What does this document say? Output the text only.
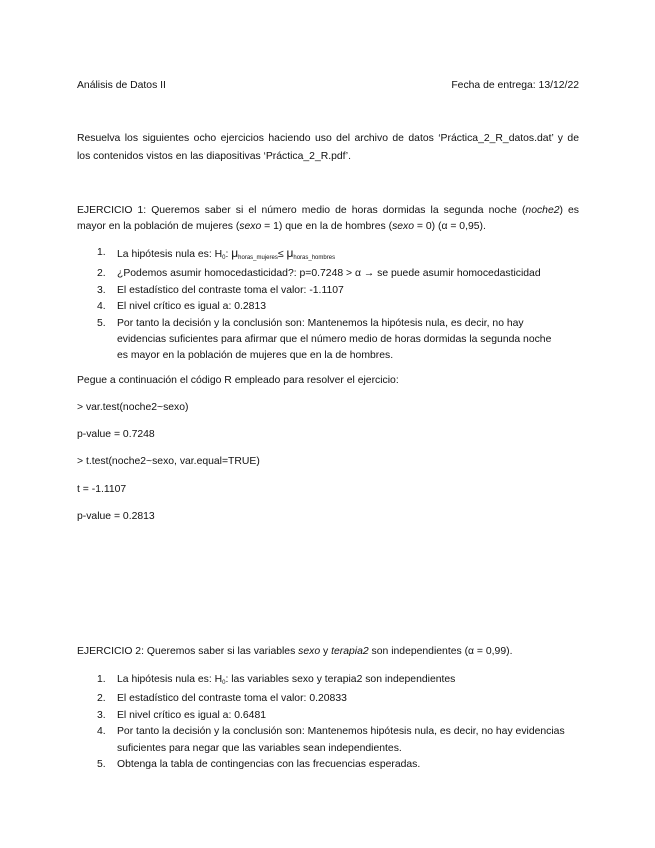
Análisis de Datos II	Fecha de entrega: 13/12/22
Resuelva los siguientes ocho ejercicios haciendo uso del archivo de datos ‘Práctica_2_R_datos.dat’ y de
los contenidos vistos en las diapositivas ‘Práctica_2_R.pdf’.
EJERCICIO 1: Queremos saber si el número medio de horas dormidas la segunda noche (noche2) es
mayor en la población de mujeres (sexo = 1) que en la de hombres (sexo = 0) (α = 0,95).
1. La hipótesis nula es: $H_0$: $\mu_{horas\_mujeres}\le \mu_{horas\_hombres}$
2. ¿Podemos asumir homocedasticidad?: p=0.7248 > α → se puede asumir homocedasticidad
3. El estadístico del contraste toma el valor: -1.1107
4. El nivel crítico es igual a: 0.2813
5. Por tanto la decisión y la conclusión son: Mantenemos la hipótesis nula, es decir, no hay
evidencias suficientes para afirmar que el número medio de horas dormidas la segunda noche
es mayor en la población de mujeres que en la de hombres.
Pegue a continuación el código R empleado para resolver el ejercicio:
> var.test(noche2~sexo)
p-value = 0.7248
> t.test(noche2~sexo, var.equal=TRUE)
t = -1.1107
p-value = 0.2813
EJERCICIO 2: Queremos saber si las variables sexo y terapia2 son independientes (α = 0,99).
1. La hipótesis nula es: $H_0$: las variables sexo y terapia2 son independientes
2. El estadístico del contraste toma el valor: 0.20833
3. El nivel crítico es igual a: 0.6481
4. Por tanto la decisión y la conclusión son: Mantenemos hipótesis nula, es decir, no hay evidencias
suficientes para negar que las variables sean independientes.
5. Obtenga la tabla de contingencias con las frecuencias esperadas.
